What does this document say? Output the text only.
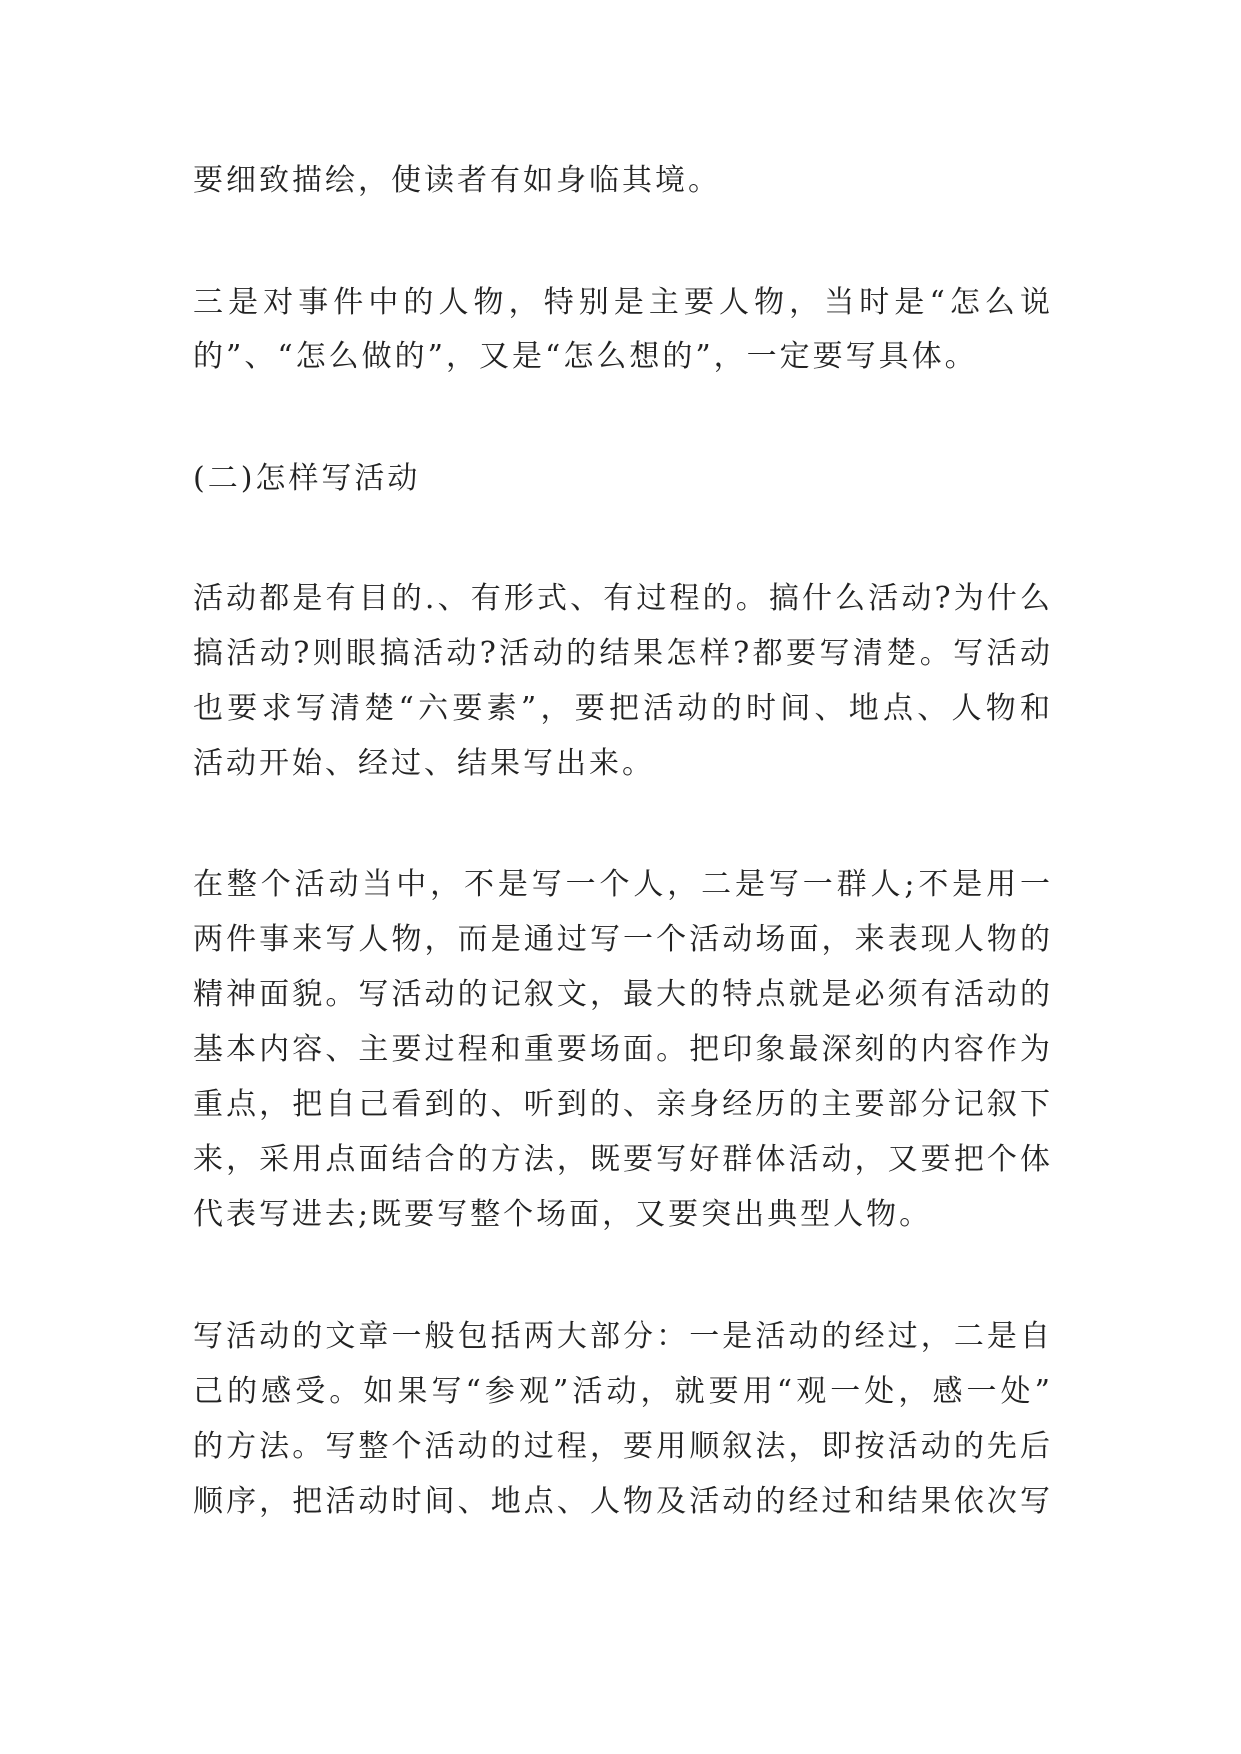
要细致描绘，使读者有如身临其境。
三是对事件中的人物，特别是主要人物，当时是“怎么说
的”、“怎么做的”，又是“怎么想的”，一定要写具体。
(二)怎样写活动
活动都是有目的.、有形式、有过程的。搞什么活动?为什么
搞活动?则眼搞活动?活动的结果怎样?都要写清楚。写活动
也要求写清楚“六要素”，要把活动的时间、地点、人物和
活动开始、经过、结果写出来。
在整个活动当中，不是写一个人，二是写一群人;不是用一
两件事来写人物，而是通过写一个活动场面，来表现人物的
精神面貌。写活动的记叙文，最大的特点就是必须有活动的
基本内容、主要过程和重要场面。把印象最深刻的内容作为
重点，把自己看到的、听到的、亲身经历的主要部分记叙下
来，采用点面结合的方法，既要写好群体活动，又要把个体
代表写进去;既要写整个场面，又要突出典型人物。
写活动的文章一般包括两大部分：一是活动的经过，二是自
己的感受。如果写“参观”活动，就要用“观一处，感一处”
的方法。写整个活动的过程，要用顺叙法，即按活动的先后
顺序，把活动时间、地点、人物及活动的经过和结果依次写
